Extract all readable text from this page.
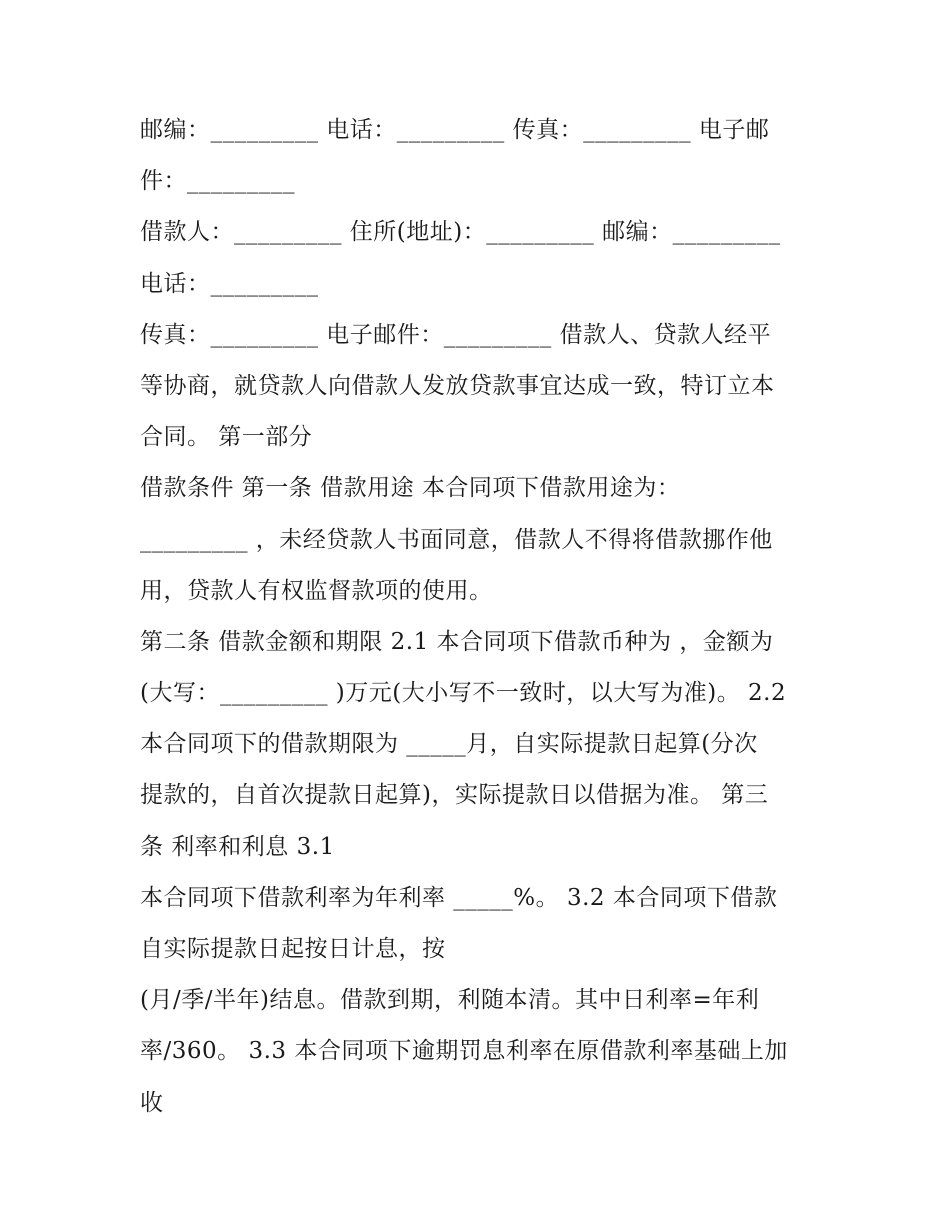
邮编：_________ 电话：_________ 传真：_________ 电子邮
件：_________
借款人：_________ 住所(地址)：_________ 邮编：_________
电话：_________
传真：_________ 电子邮件：_________ 借款人、贷款人经平
等协商，就贷款人向借款人发放贷款事宜达成一致，特订立本
合同。 第一部分
借款条件 第一条 借款用途 本合同项下借款用途为：
_________ ，未经贷款人书面同意，借款人不得将借款挪作他
用，贷款人有权监督款项的使用。
第二条 借款金额和期限 2.1 本合同项下借款币种为 ，金额为
(大写：_________ )万元(大小写不一致时，以大写为准)。 2.2
本合同项下的借款期限为 _____月，自实际提款日起算(分次
提款的，自首次提款日起算)，实际提款日以借据为准。 第三
条 利率和利息 3.1
本合同项下借款利率为年利率 _____%。 3.2 本合同项下借款
自实际提款日起按日计息，按
(月/季/半年)结息。借款到期，利随本清。其中日利率=年利
率/360。 3.3 本合同项下逾期罚息利率在原借款利率基础上加
收
